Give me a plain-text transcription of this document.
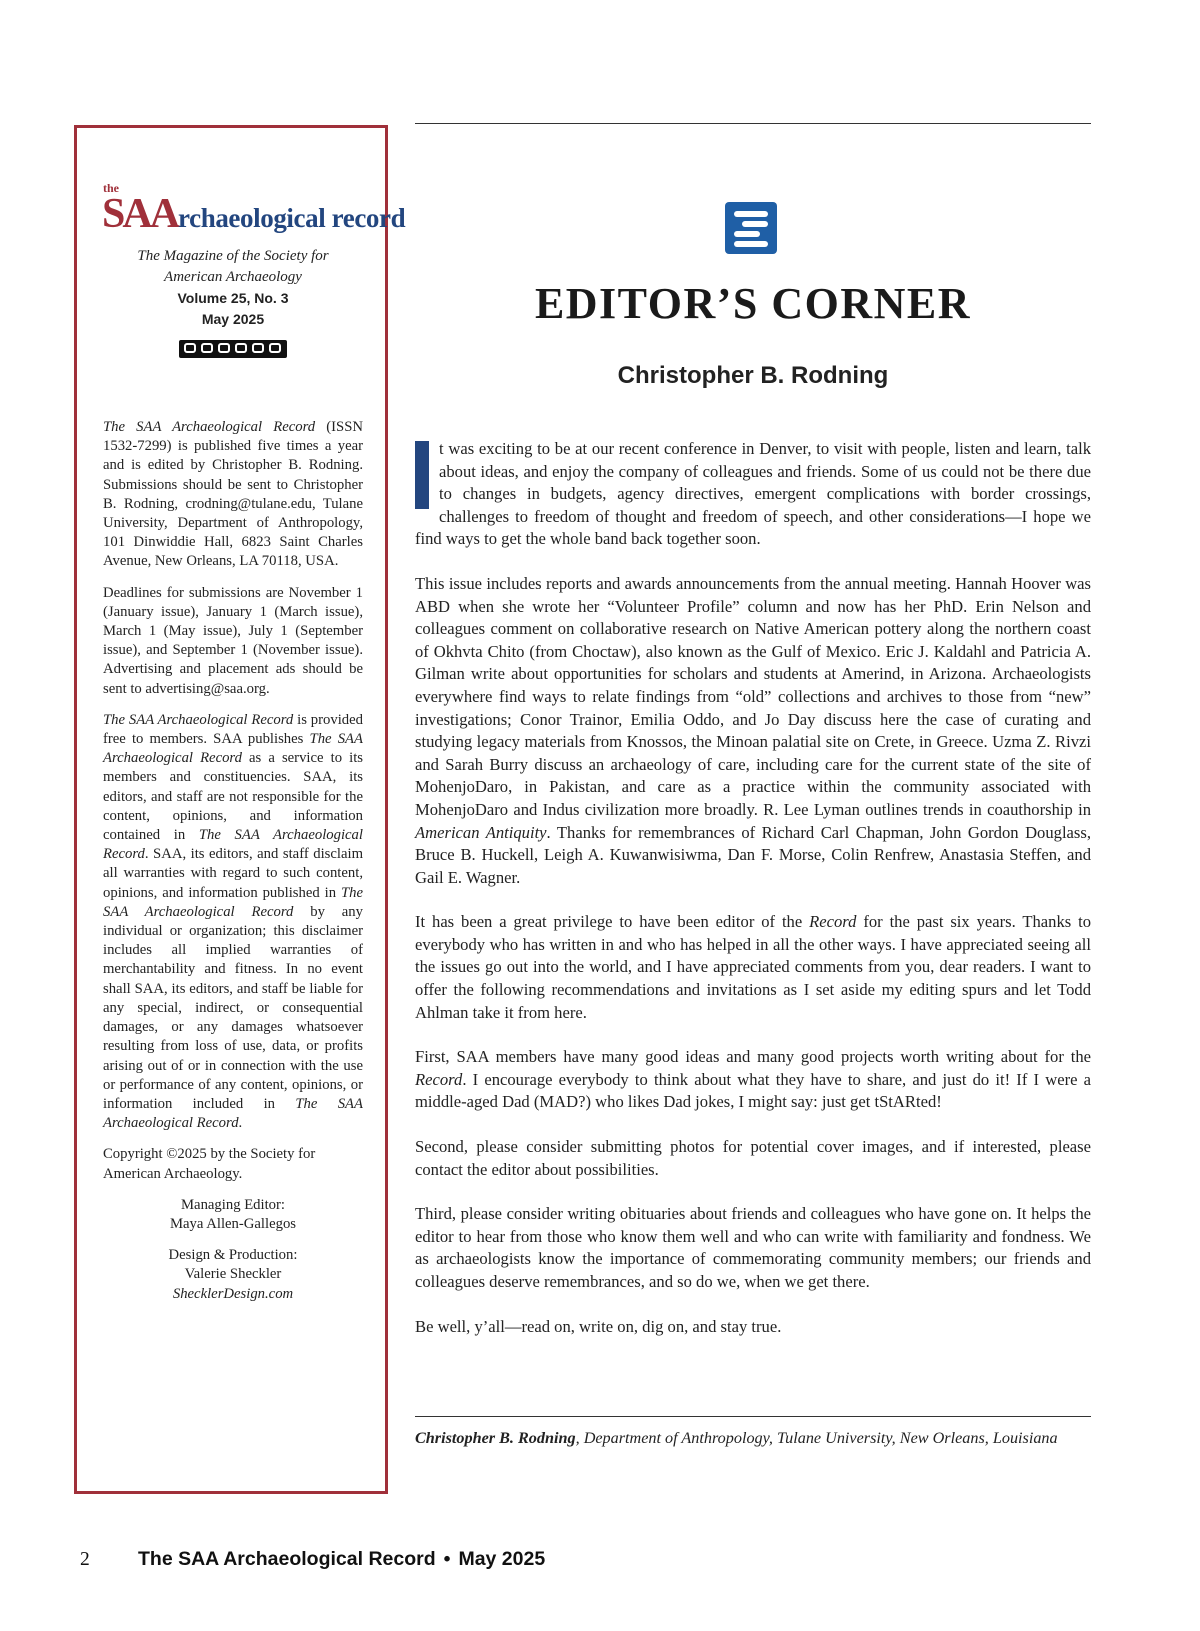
the
SAArchaeological record
The Magazine of the Society for
American Archaeology
Volume 25, No. 3
May 2025

The SAA Archaeological Record (ISSN 1532-7299) is published five times a year and is edited by Christopher B. Rodning. Submissions should be sent to Christopher B. Rodning, crodning@tulane.edu, Tulane University, Department of Anthropology, 101 Dinwiddie Hall, 6823 Saint Charles Avenue, New Orleans, LA 70118, USA.

Deadlines for submissions are November 1 (January issue), January 1 (March issue), March 1 (May issue), July 1 (September issue), and September 1 (November issue). Advertising and placement ads should be sent to advertising@saa.org.

The SAA Archaeological Record is provided free to members. SAA publishes The SAA Archaeological Record as a service to its members and constituencies. SAA, its editors, and staff are not responsible for the content, opinions, and information contained in The SAA Archaeological Record. SAA, its editors, and staff disclaim all warranties with regard to such content, opinions, and information published in The SAA Archaeological Record by any individual or organization; this disclaimer includes all implied warranties of merchantability and fitness. In no event shall SAA, its editors, and staff be liable for any special, indirect, or consequential damages, or any damages whatsoever resulting from loss of use, data, or profits arising out of or in connection with the use or performance of any content, opinions, or information included in The SAA Archaeological Record.

Copyright ©2025 by the Society for American Archaeology.

Managing Editor:
Maya Allen-Gallegos

Design & Production:
Valerie Sheckler
ShecklerDesign.com

EDITOR’S CORNER
Christopher B. Rodning

t was exciting to be at our recent conference in Denver, to visit with people, listen and learn, talk about ideas, and enjoy the company of colleagues and friends. Some of us could not be there due to changes in budgets, agency directives, emergent complications with border crossings, challenges to freedom of thought and freedom of speech, and other considerations—I hope we find ways to get the whole band back together soon.

This issue includes reports and awards announcements from the annual meeting. Hannah Hoover was ABD when she wrote her “Volunteer Profile” column and now has her PhD. Erin Nelson and colleagues comment on collaborative research on Native American pottery along the northern coast of Okhvta Chito (from Choctaw), also known as the Gulf of Mexico. Eric J. Kaldahl and Patricia A. Gilman write about opportunities for scholars and students at Amerind, in Arizona. Archaeologists everywhere find ways to relate findings from “old” collections and archives to those from “new” investigations; Conor Trainor, Emilia Oddo, and Jo Day discuss here the case of curating and studying legacy materials from Knossos, the Minoan palatial site on Crete, in Greece. Uzma Z. Rivzi and Sarah Burry discuss an archaeology of care, including care for the current state of the site of MohenjoDaro, in Pakistan, and care as a practice within the community associated with MohenjoDaro and Indus civilization more broadly. R. Lee Lyman outlines trends in coauthorship in American Antiquity. Thanks for remembrances of Richard Carl Chapman, John Gordon Douglass, Bruce B. Huckell, Leigh A. Kuwanwisiwma, Dan F. Morse, Colin Renfrew, Anastasia Steffen, and Gail E. Wagner.

It has been a great privilege to have been editor of the Record for the past six years. Thanks to everybody who has written in and who has helped in all the other ways. I have appreciated seeing all the issues go out into the world, and I have appreciated comments from you, dear readers. I want to offer the following recommendations and invitations as I set aside my editing spurs and let Todd Ahlman take it from here.

First, SAA members have many good ideas and many good projects worth writing about for the Record. I encourage everybody to think about what they have to share, and just do it! If I were a middle-aged Dad (MAD?) who likes Dad jokes, I might say: just get tStARted!

Second, please consider submitting photos for potential cover images, and if interested, please contact the editor about possibilities.

Third, please consider writing obituaries about friends and colleagues who have gone on. It helps the editor to hear from those who know them well and who can write with familiarity and fondness. We as archaeologists know the importance of commemorating community members; our friends and colleagues deserve remembrances, and so do we, when we get there.

Be well, y’all—read on, write on, dig on, and stay true.

Christopher B. Rodning, Department of Anthropology, Tulane University, New Orleans, Louisiana
2 The SAA Archaeological Record • May 2025
